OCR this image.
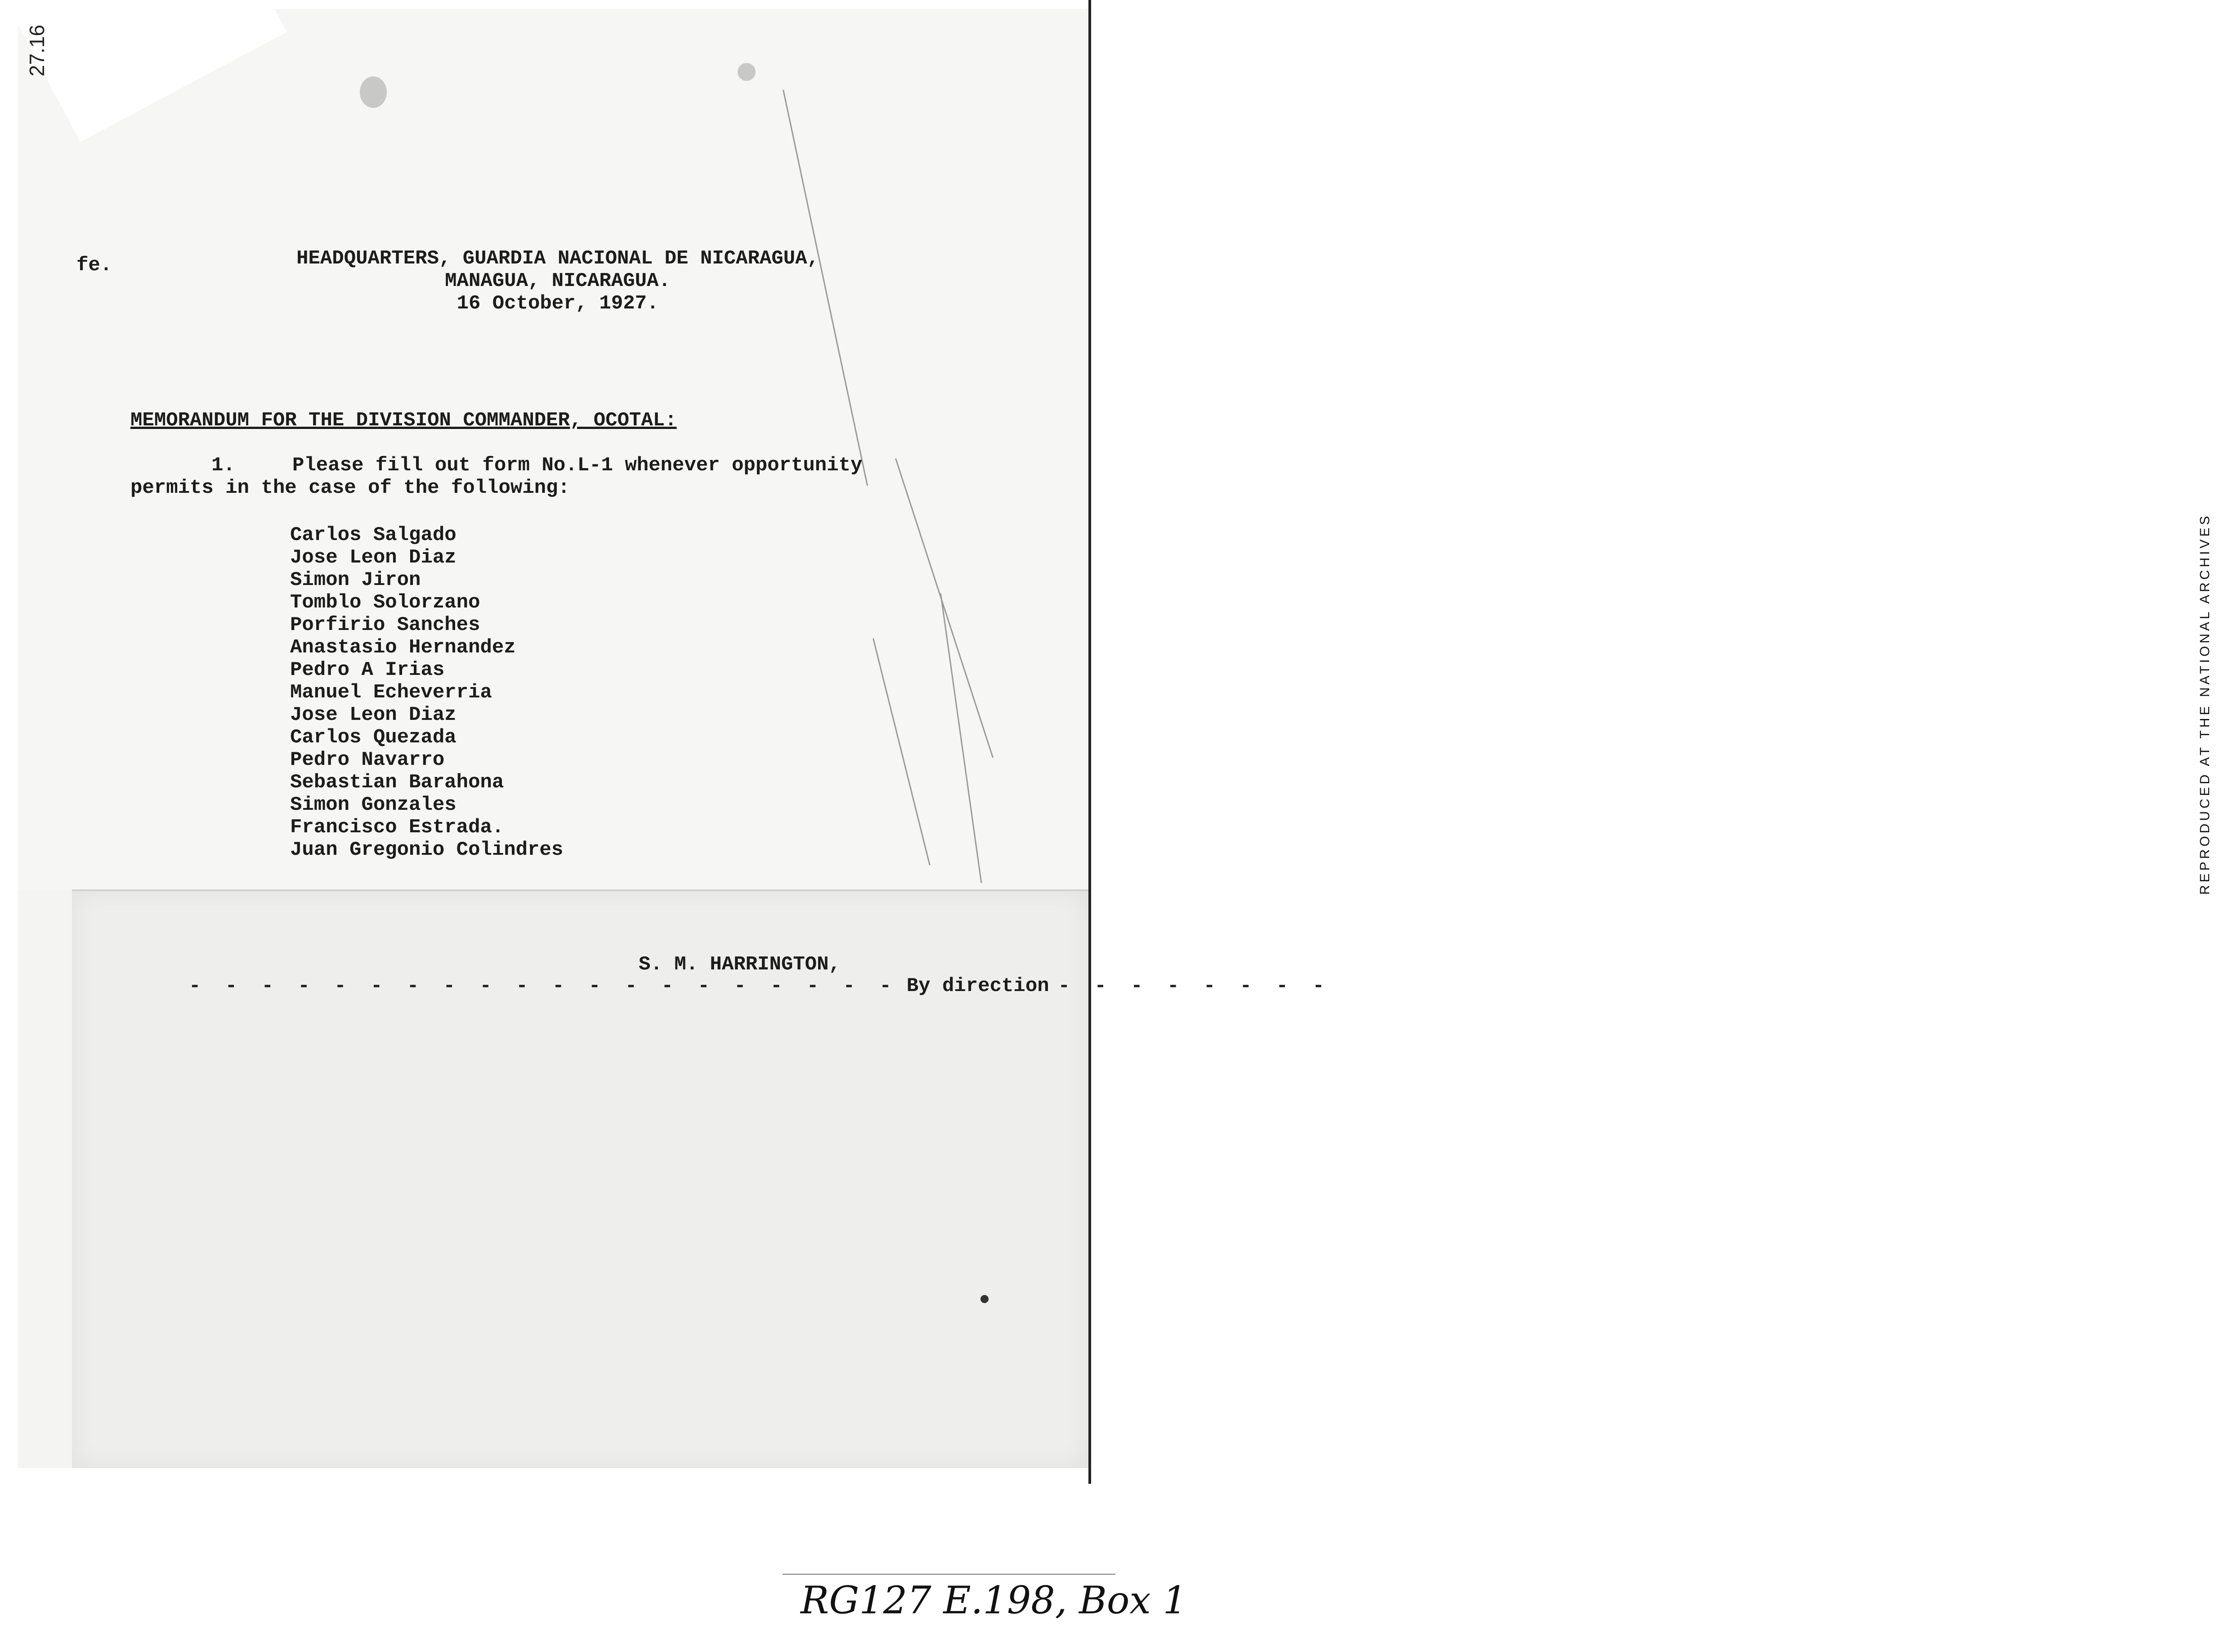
REPRODUCED AT THE NATIONAL ARCHIVES
fe.	HEADQUARTERS, GUARDIA NACIONAL DE NICARAGUA,
MANAGUA, NICARAGUA.
16 October, 1927.
MEMORANDUM FOR THE DIVISION COMMANDER, OCOTAL:
1.	Please fill out form No.L-1 whenever opportunity
permits in the case of the following:
Carlos Salgado
Jose Leon Diaz
Simon Jiron
Tomblo Solorzano
Porfirio Sanches
Anastasio Hernandez
Pedro A Irias
Manuel Echeverria
Jose Leon Diaz
Carlos Quezada
Pedro Navarro
Sebastian Barahona
Simon Gonzales
Francisco Estrada.
Juan Gregonio Colindres
S. M. HARRINGTON,
- - - - - - - - - - - - - - - - - - - - By direction - - - - - - - -
27.16
RG127 E.198, Box 1
